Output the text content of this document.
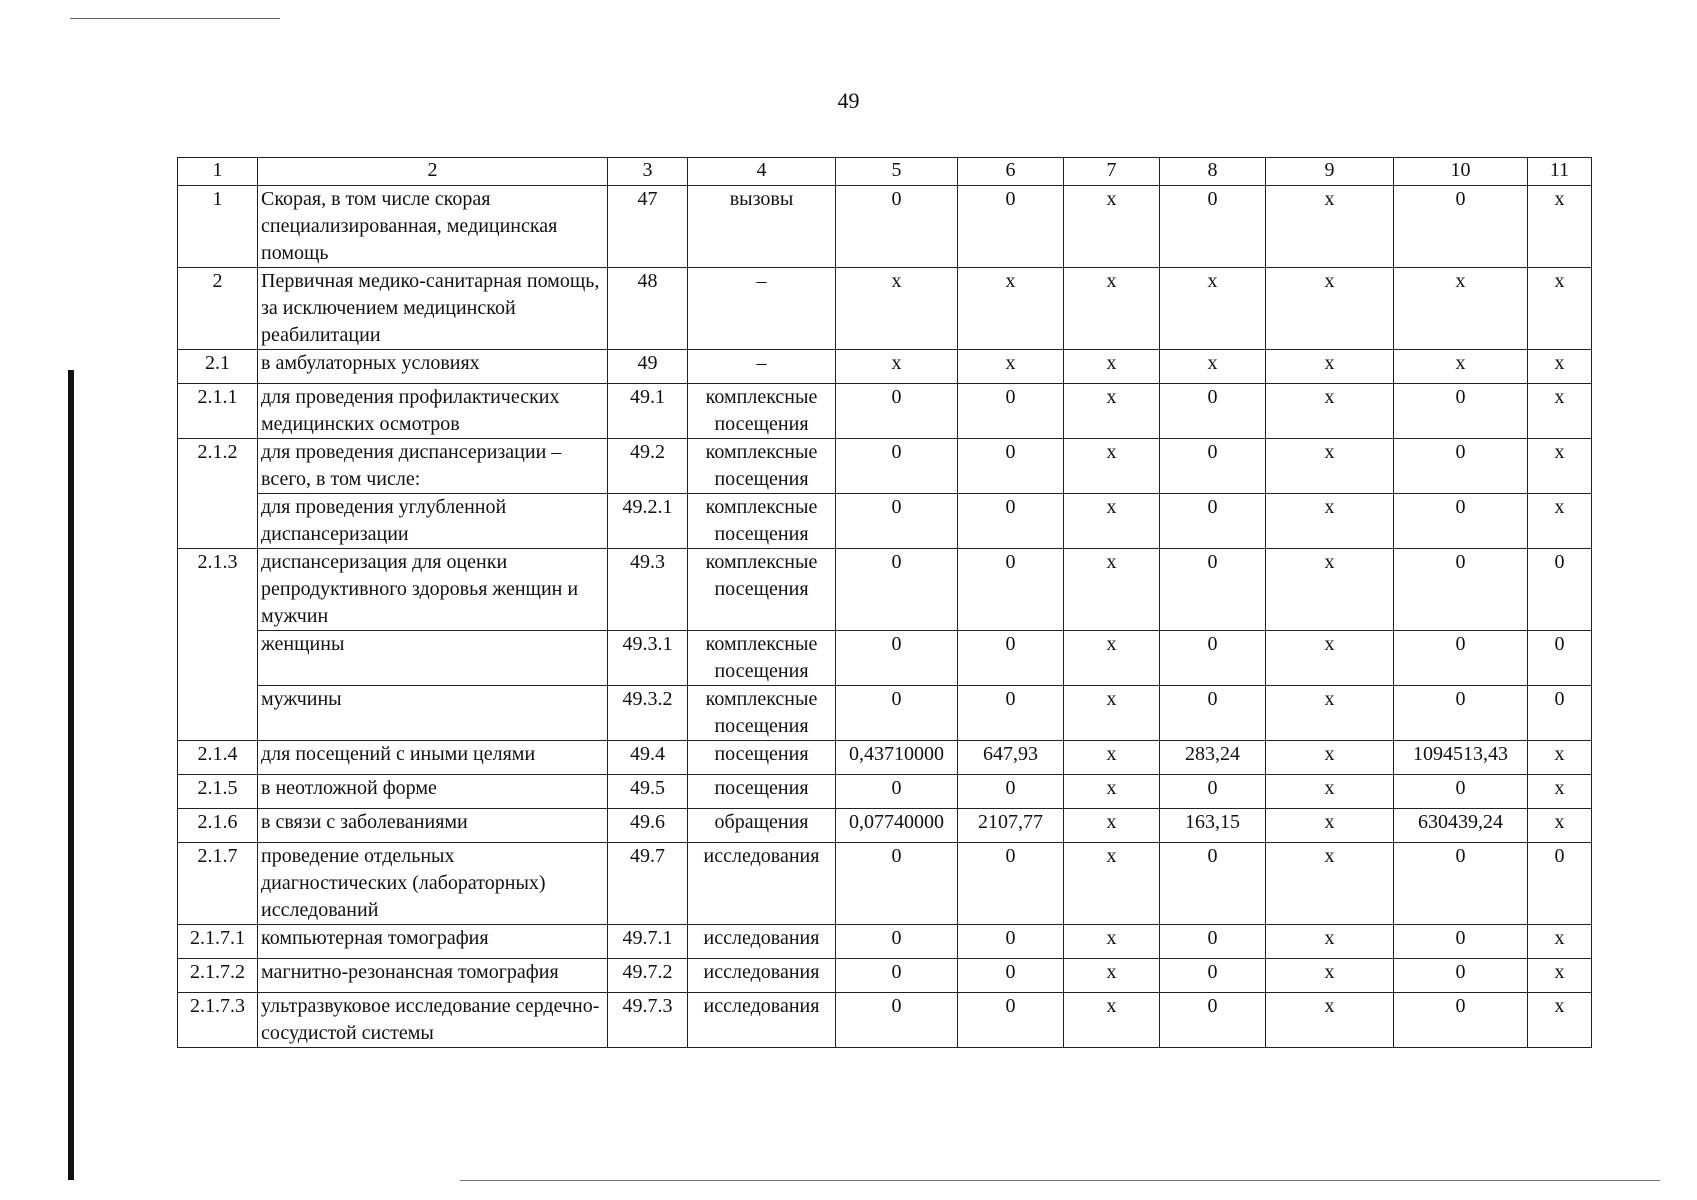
49
1	2	3	4	5	6	7	8	9	10	11
1	Скорая, в том числе скорая специализированная, медицинская помощь	47	вызовы	0	0	x	0	x	0	x
2	Первичная медико-санитарная помощь, за исключением медицинской реабилитации	48	–	x	x	x	x	x	x	x
2.1	в амбулаторных условиях	49	–	x	x	x	x	x	x	x
2.1.1	для проведения профилактических медицинских осмотров	49.1	комплексные посещения	0	0	x	0	x	0	x
2.1.2	для проведения диспансеризации – всего, в том числе:	49.2	комплексные посещения	0	0	x	0	x	0	x
	для проведения углубленной диспансеризации	49.2.1	комплексные посещения	0	0	x	0	x	0	x
2.1.3	диспансеризация для оценки репродуктивного здоровья женщин и мужчин	49.3	комплексные посещения	0	0	x	0	x	0	0
	женщины	49.3.1	комплексные посещения	0	0	x	0	x	0	0
	мужчины	49.3.2	комплексные посещения	0	0	x	0	x	0	0
2.1.4	для посещений с иными целями	49.4	посещения	0,43710000	647,93	x	283,24	x	1094513,43	x
2.1.5	в неотложной форме	49.5	посещения	0	0	x	0	x	0	x
2.1.6	в связи с заболеваниями	49.6	обращения	0,07740000	2107,77	x	163,15	x	630439,24	x
2.1.7	проведение отдельных диагностических (лабораторных) исследований	49.7	исследования	0	0	x	0	x	0	0
2.1.7.1	компьютерная томография	49.7.1	исследования	0	0	x	0	x	0	x
2.1.7.2	магнитно-резонансная томография	49.7.2	исследования	0	0	x	0	x	0	x
2.1.7.3	ультразвуковое исследование сердечно-сосудистой системы	49.7.3	исследования	0	0	x	0	x	0	x
